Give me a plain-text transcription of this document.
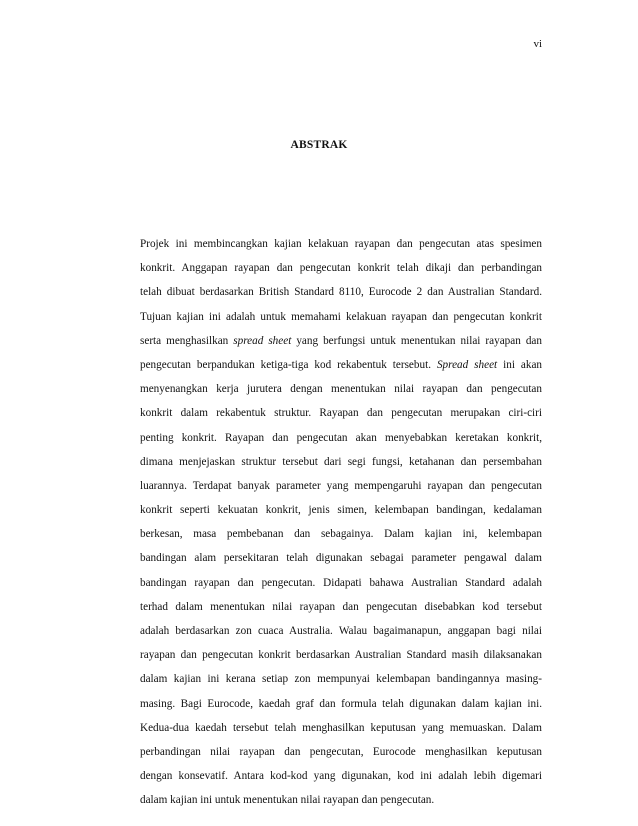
vi
ABSTRAK

Projek ini membincangkan kajian kelakuan rayapan dan pengecutan atas spesimen
konkrit. Anggapan rayapan dan pengecutan konkrit telah dikaji dan perbandingan
telah dibuat berdasarkan British Standard 8110, Eurocode 2 dan Australian Standard.
Tujuan kajian ini adalah untuk memahami kelakuan rayapan dan pengecutan konkrit
serta menghasilkan spread sheet yang berfungsi untuk menentukan nilai rayapan dan
pengecutan berpandukan ketiga-tiga kod rekabentuk tersebut. Spread sheet ini akan
menyenangkan kerja jurutera dengan menentukan nilai rayapan dan pengecutan
konkrit dalam rekabentuk struktur. Rayapan dan pengecutan merupakan ciri-ciri
penting konkrit. Rayapan dan pengecutan akan menyebabkan keretakan konkrit,
dimana menjejaskan struktur tersebut dari segi fungsi, ketahanan dan persembahan
luarannya. Terdapat banyak parameter yang mempengaruhi rayapan dan pengecutan
konkrit seperti kekuatan konkrit, jenis simen, kelembapan bandingan, kedalaman
berkesan, masa pembebanan dan sebagainya. Dalam kajian ini, kelembapan
bandingan alam persekitaran telah digunakan sebagai parameter pengawal dalam
bandingan rayapan dan pengecutan. Didapati bahawa Australian Standard adalah
terhad dalam menentukan nilai rayapan dan pengecutan disebabkan kod tersebut
adalah berdasarkan zon cuaca Australia. Walau bagaimanapun, anggapan bagi nilai
rayapan dan pengecutan konkrit berdasarkan Australian Standard masih dilaksanakan
dalam kajian ini kerana setiap zon mempunyai kelembapan bandingannya masing-
masing. Bagi Eurocode, kaedah graf dan formula telah digunakan dalam kajian ini.
Kedua-dua kaedah tersebut telah menghasilkan keputusan yang memuaskan. Dalam
perbandingan nilai rayapan dan pengecutan, Eurocode menghasilkan keputusan
dengan konsevatif. Antara kod-kod yang digunakan, kod ini adalah lebih digemari
dalam kajian ini untuk menentukan nilai rayapan dan pengecutan.
